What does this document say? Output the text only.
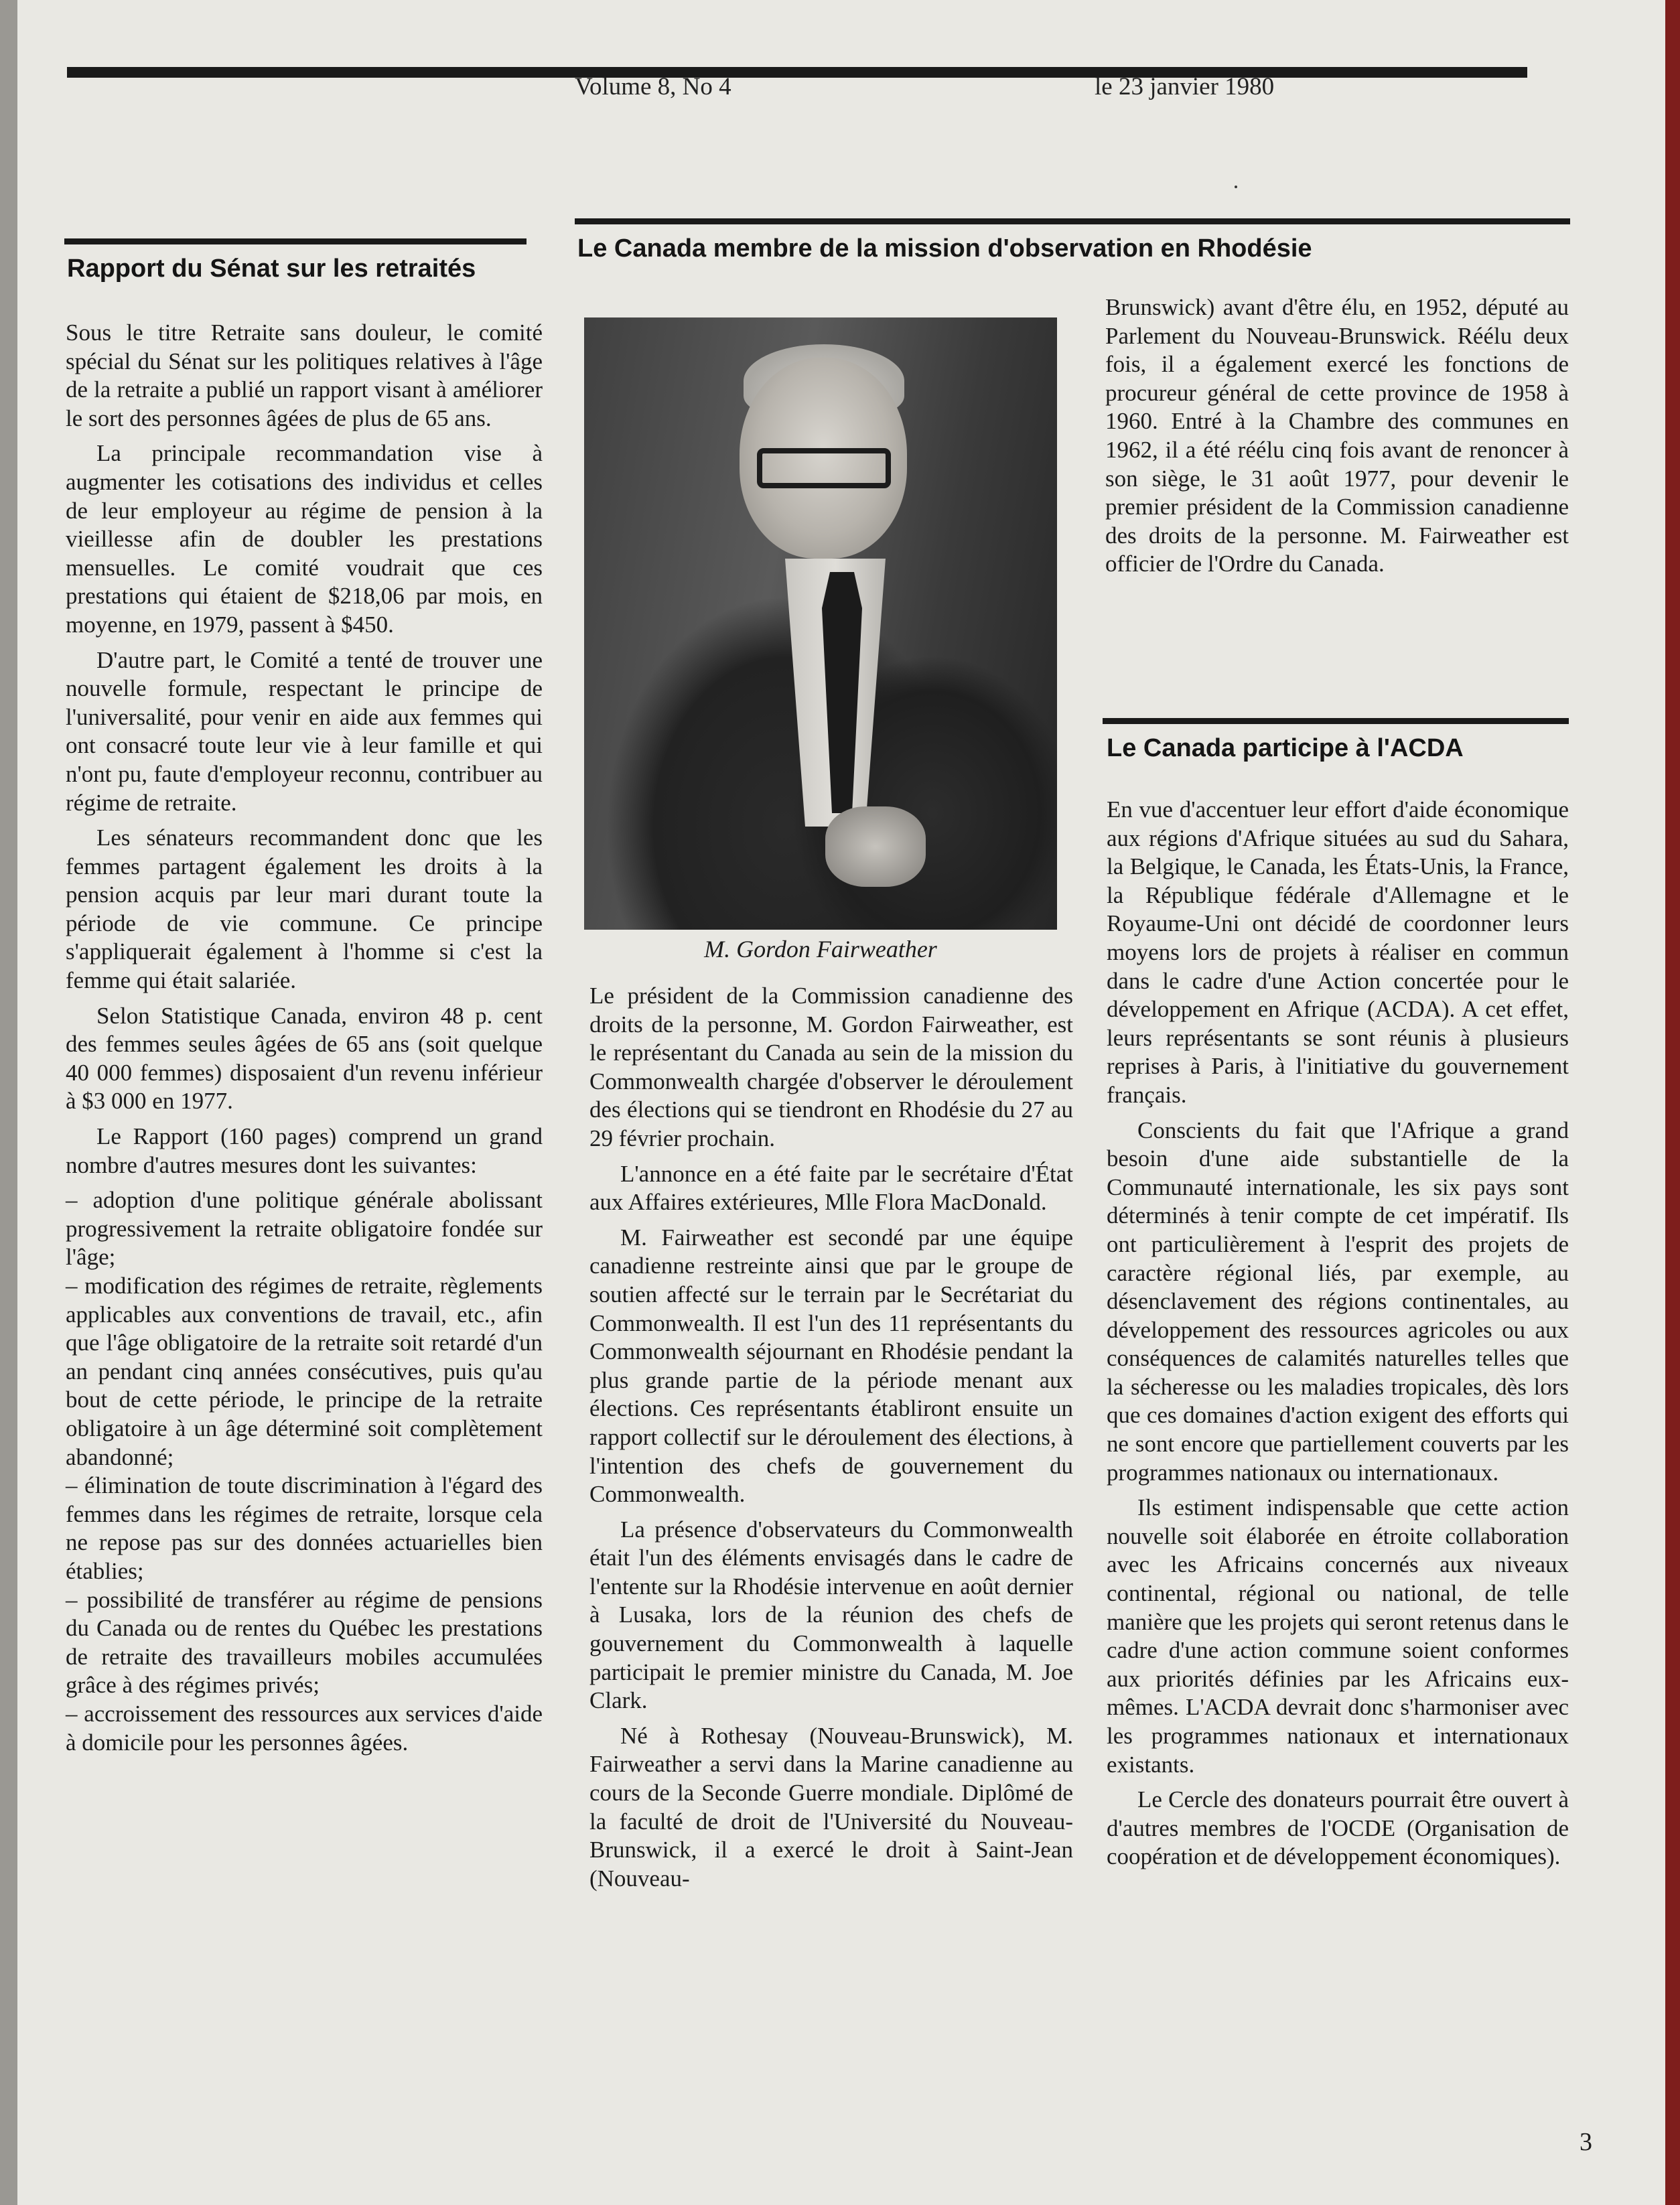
Volume 8, No 4	le 23 janvier 1980
Rapport du Sénat sur les retraités

Sous le titre Retraite sans douleur, le comité spécial du Sénat sur les politiques relatives à l'âge de la retraite a publié un rapport visant à améliorer le sort des personnes âgées de plus de 65 ans.

La principale recommandation vise à augmenter les cotisations des individus et celles de leur employeur au régime de pension à la vieillesse afin de doubler les prestations mensuelles. Le comité voudrait que ces prestations qui étaient de $218,06 par mois, en moyenne, en 1979, passent à $450.

D'autre part, le Comité a tenté de trouver une nouvelle formule, respectant le principe de l'universalité, pour venir en aide aux femmes qui ont consacré toute leur vie à leur famille et qui n'ont pu, faute d'employeur reconnu, contribuer au régime de retraite.

Les sénateurs recommandent donc que les femmes partagent également les droits à la pension acquis par leur mari durant toute la période de vie commune. Ce principe s'appliquerait également à l'homme si c'est la femme qui était salariée.

Selon Statistique Canada, environ 48 p. cent des femmes seules âgées de 65 ans (soit quelque 40 000 femmes) disposaient d'un revenu inférieur à $3 000 en 1977.

Le Rapport (160 pages) comprend un grand nombre d'autres mesures dont les suivantes:

– adoption d'une politique générale abolissant progressivement la retraite obligatoire fondée sur l'âge;

– modification des régimes de retraite, règlements applicables aux conventions de travail, etc., afin que l'âge obligatoire de la retraite soit retardé d'un an pendant cinq années consécutives, puis qu'au bout de cette période, le principe de la retraite obligatoire à un âge déterminé soit complètement abandonné;

– élimination de toute discrimination à l'égard des femmes dans les régimes de retraite, lorsque cela ne repose pas sur des données actuarielles bien établies;

– possibilité de transférer au régime de pensions du Canada ou de rentes du Québec les prestations de retraite des travailleurs mobiles accumulées grâce à des régimes privés;

– accroissement des ressources aux services d'aide à domicile pour les personnes âgées.

Le Canada membre de la mission d'observation en Rhodésie
M. Gordon Fairweather

Le président de la Commission canadienne des droits de la personne, M. Gordon Fairweather, est le représentant du Canada au sein de la mission du Commonwealth chargée d'observer le déroulement des élections qui se tiendront en Rhodésie du 27 au 29 février prochain.

L'annonce en a été faite par le secrétaire d'État aux Affaires extérieures, Mlle Flora MacDonald.

M. Fairweather est secondé par une équipe canadienne restreinte ainsi que par le groupe de soutien affecté sur le terrain par le Secrétariat du Commonwealth. Il est l'un des 11 représentants du Commonwealth séjournant en Rhodésie pendant la plus grande partie de la période menant aux élections. Ces représentants établiront ensuite un rapport collectif sur le déroulement des élections, à l'intention des chefs de gouvernement du Commonwealth.

La présence d'observateurs du Commonwealth était l'un des éléments envisagés dans le cadre de l'entente sur la Rhodésie intervenue en août dernier à Lusaka, lors de la réunion des chefs de gouvernement du Commonwealth à laquelle participait le premier ministre du Canada, M. Joe Clark.

Né à Rothesay (Nouveau-Brunswick), M. Fairweather a servi dans la Marine canadienne au cours de la Seconde Guerre mondiale. Diplômé de la faculté de droit de l'Université du Nouveau-Brunswick, il a exercé le droit à Saint-Jean (Nouveau-

Brunswick) avant d'être élu, en 1952, député au Parlement du Nouveau-Brunswick. Réélu deux fois, il a également exercé les fonctions de procureur général de cette province de 1958 à 1960. Entré à la Chambre des communes en 1962, il a été réélu cinq fois avant de renoncer à son siège, le 31 août 1977, pour devenir le premier président de la Commission canadienne des droits de la personne. M. Fairweather est officier de l'Ordre du Canada.

Le Canada participe à l'ACDA

En vue d'accentuer leur effort d'aide économique aux régions d'Afrique situées au sud du Sahara, la Belgique, le Canada, les États-Unis, la France, la République fédérale d'Allemagne et le Royaume-Uni ont décidé de coordonner leurs moyens lors de projets à réaliser en commun dans le cadre d'une Action concertée pour le développement en Afrique (ACDA). A cet effet, leurs représentants se sont réunis à plusieurs reprises à Paris, à l'initiative du gouvernement français.

Conscients du fait que l'Afrique a grand besoin d'une aide substantielle de la Communauté internationale, les six pays sont déterminés à tenir compte de cet impératif. Ils ont particulièrement à l'esprit des projets de caractère régional liés, par exemple, au désenclavement des régions continentales, au développement des ressources agricoles ou aux conséquences de calamités naturelles telles que la sécheresse ou les maladies tropicales, dès lors que ces domaines d'action exigent des efforts qui ne sont encore que partiellement couverts par les programmes nationaux ou internationaux.

Ils estiment indispensable que cette action nouvelle soit élaborée en étroite collaboration avec les Africains concernés aux niveaux continental, régional ou national, de telle manière que les projets qui seront retenus dans le cadre d'une action commune soient conformes aux priorités définies par les Africains eux-mêmes. L'ACDA devrait donc s'harmoniser avec les programmes nationaux et internationaux existants.

Le Cercle des donateurs pourrait être ouvert à d'autres membres de l'OCDE (Organisation de coopération et de développement économiques).

3
